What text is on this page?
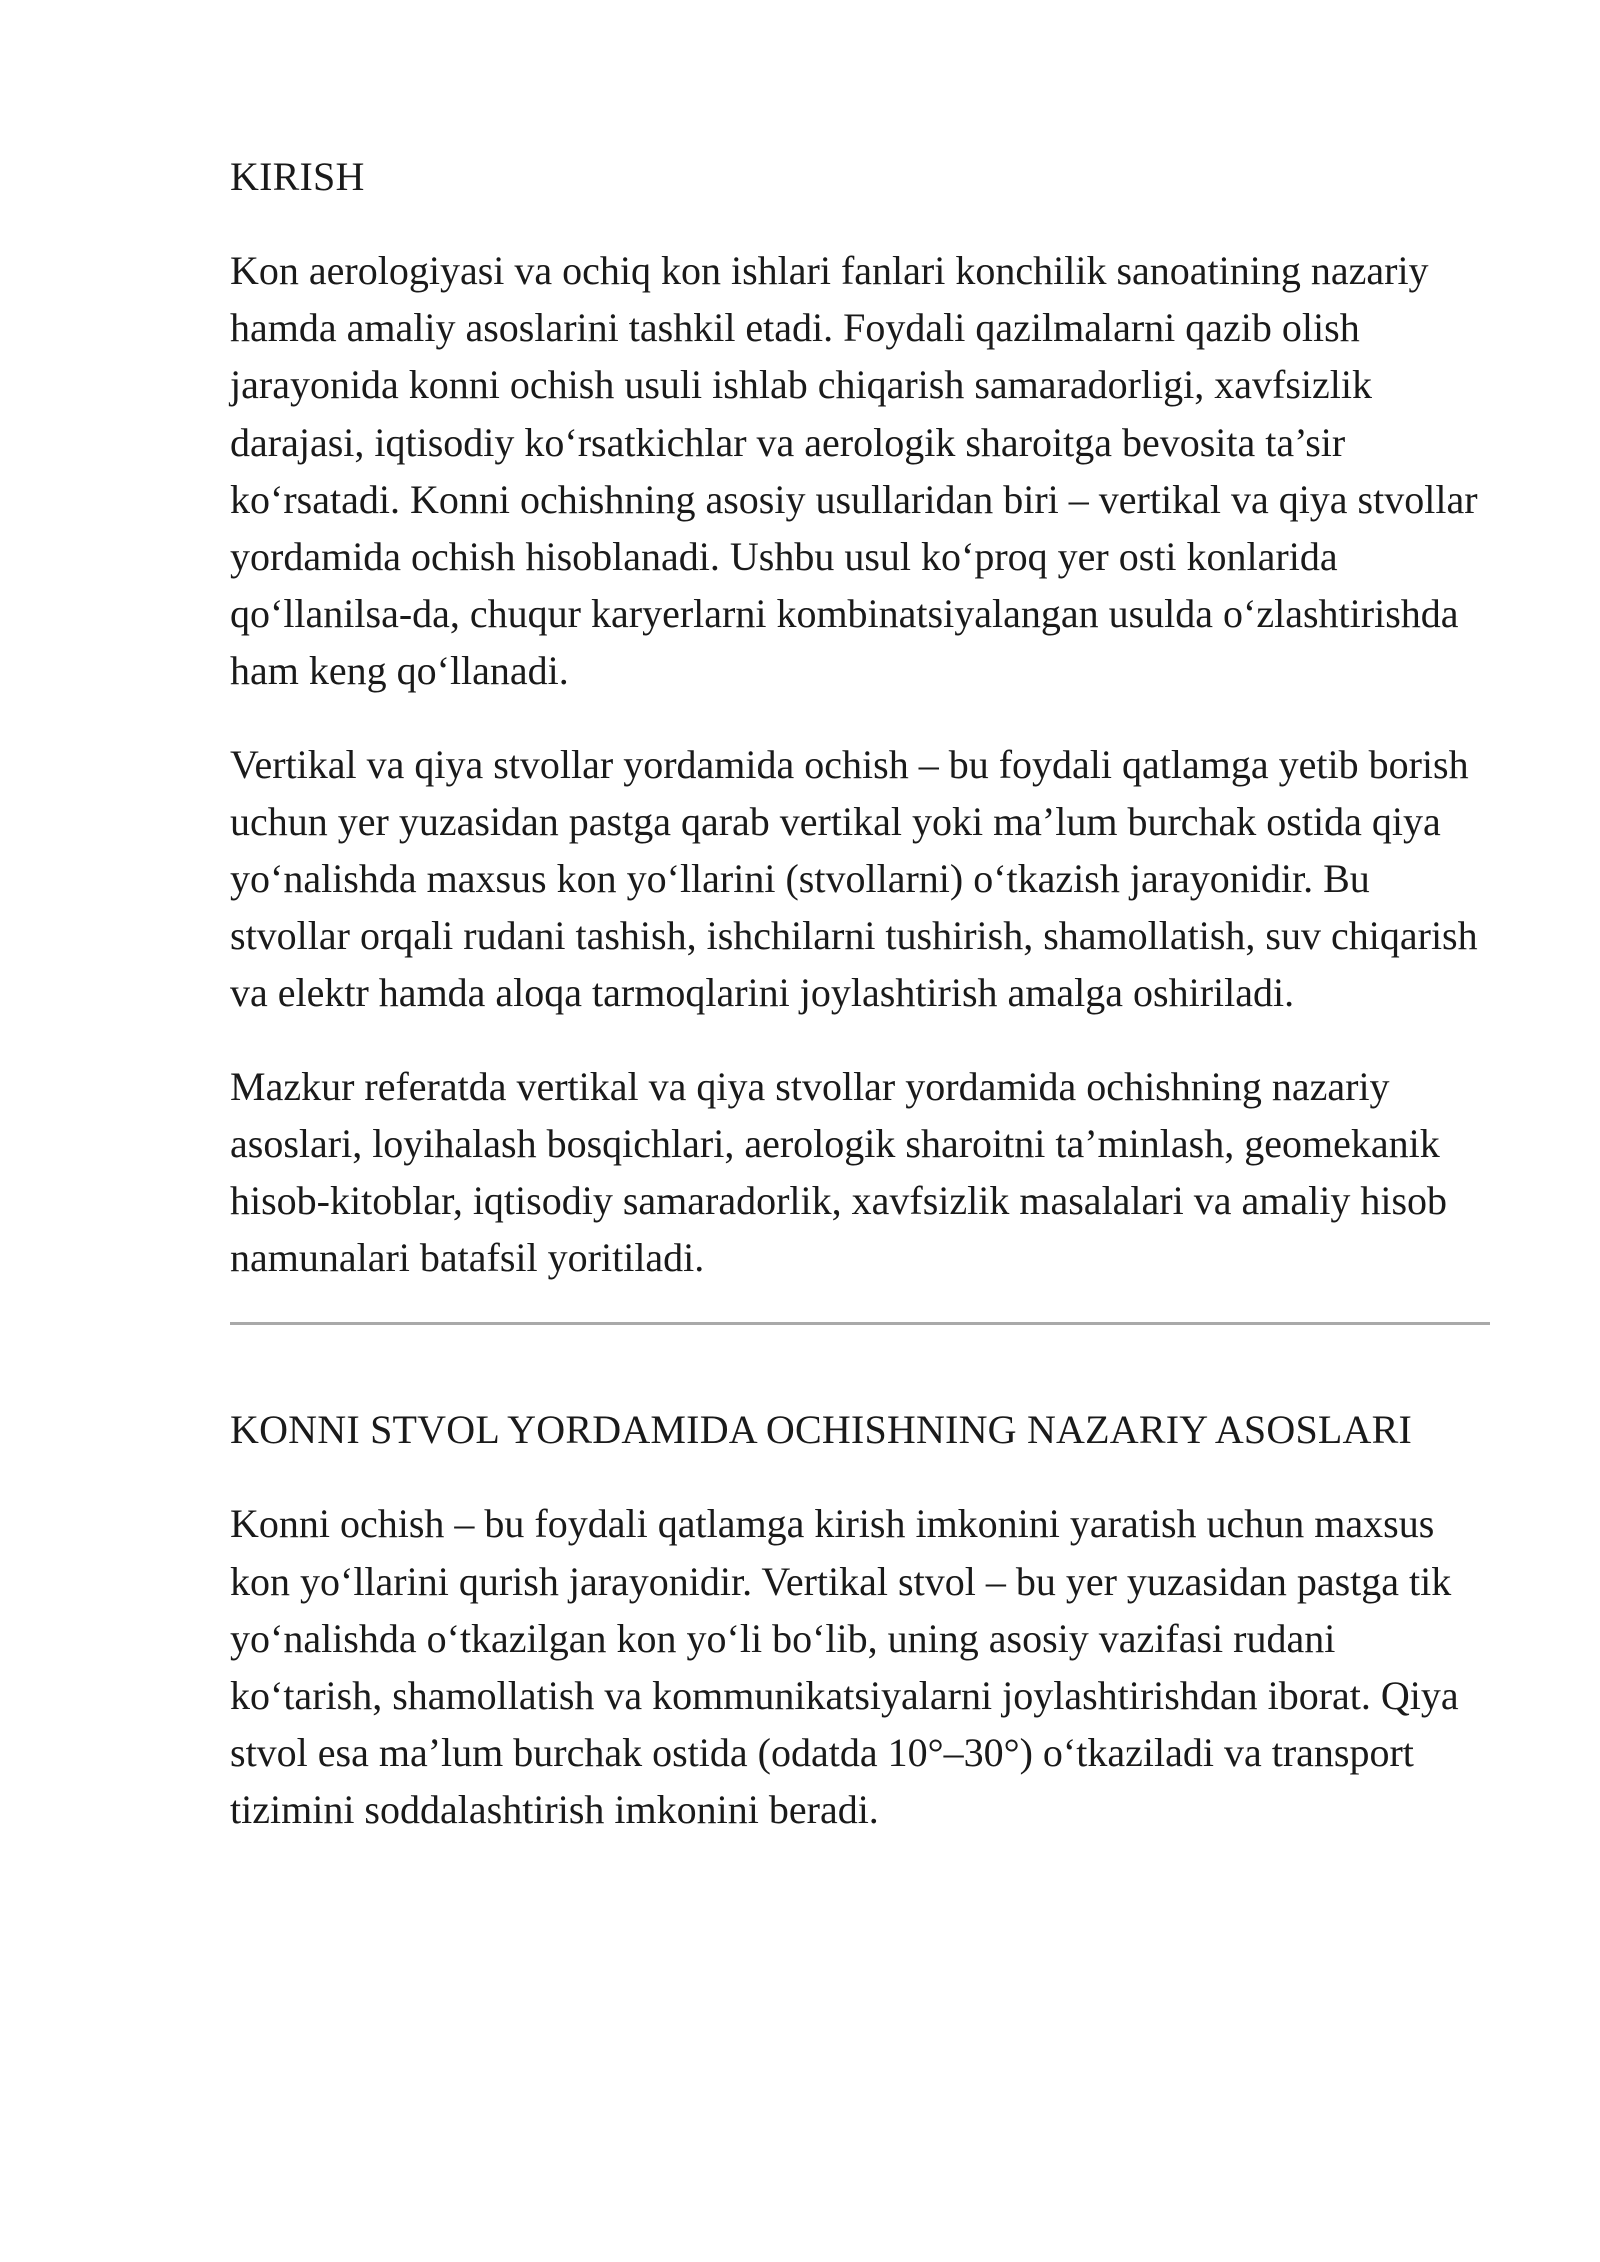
KIRISH

Kon aerologiyasi va ochiq kon ishlari fanlari konchilik sanoatining nazariy hamda amaliy asoslarini tashkil etadi. Foydali qazilmalarni qazib olish jarayonida konni ochish usuli ishlab chiqarish samaradorligi, xavfsizlik darajasi, iqtisodiy ko‘rsatkichlar va aerologik sharoitga bevosita ta’sir ko‘rsatadi. Konni ochishning asosiy usullaridan biri – vertikal va qiya stvollar yordamida ochish hisoblanadi. Ushbu usul ko‘proq yer osti konlarida qo‘llanilsa-da, chuqur karyerlarni kombinatsiyalangan usulda o‘zlashtirishda ham keng qo‘llanadi.

Vertikal va qiya stvollar yordamida ochish – bu foydali qatlamga yetib borish uchun yer yuzasidan pastga qarab vertikal yoki ma’lum burchak ostida qiya yo‘nalishda maxsus kon yo‘llarini (stvollarni) o‘tkazish jarayonidir. Bu stvollar orqali rudani tashish, ishchilarni tushirish, shamollatish, suv chiqarish va elektr hamda aloqa tarmoqlarini joylashtirish amalga oshiriladi.

Mazkur referatda vertikal va qiya stvollar yordamida ochishning nazariy asoslari, loyihalash bosqichlari, aerologik sharoitni ta’minlash, geomekanik hisob-kitoblar, iqtisodiy samaradorlik, xavfsizlik masalalari va amaliy hisob namunalari batafsil yoritiladi.

KONNI STVOL YORDAMIDA OCHISHNING NAZARIY ASOSLARI

Konni ochish – bu foydali qatlamga kirish imkonini yaratish uchun maxsus kon yo‘llarini qurish jarayonidir. Vertikal stvol – bu yer yuzasidan pastga tik yo‘nalishda o‘tkazilgan kon yo‘li bo‘lib, uning asosiy vazifasi rudani ko‘tarish, shamollatish va kommunikatsiyalarni joylashtirishdan iborat. Qiya stvol esa ma’lum burchak ostida (odatda 10°–30°) o‘tkaziladi va transport tizimini soddalashtirish imkonini beradi.
